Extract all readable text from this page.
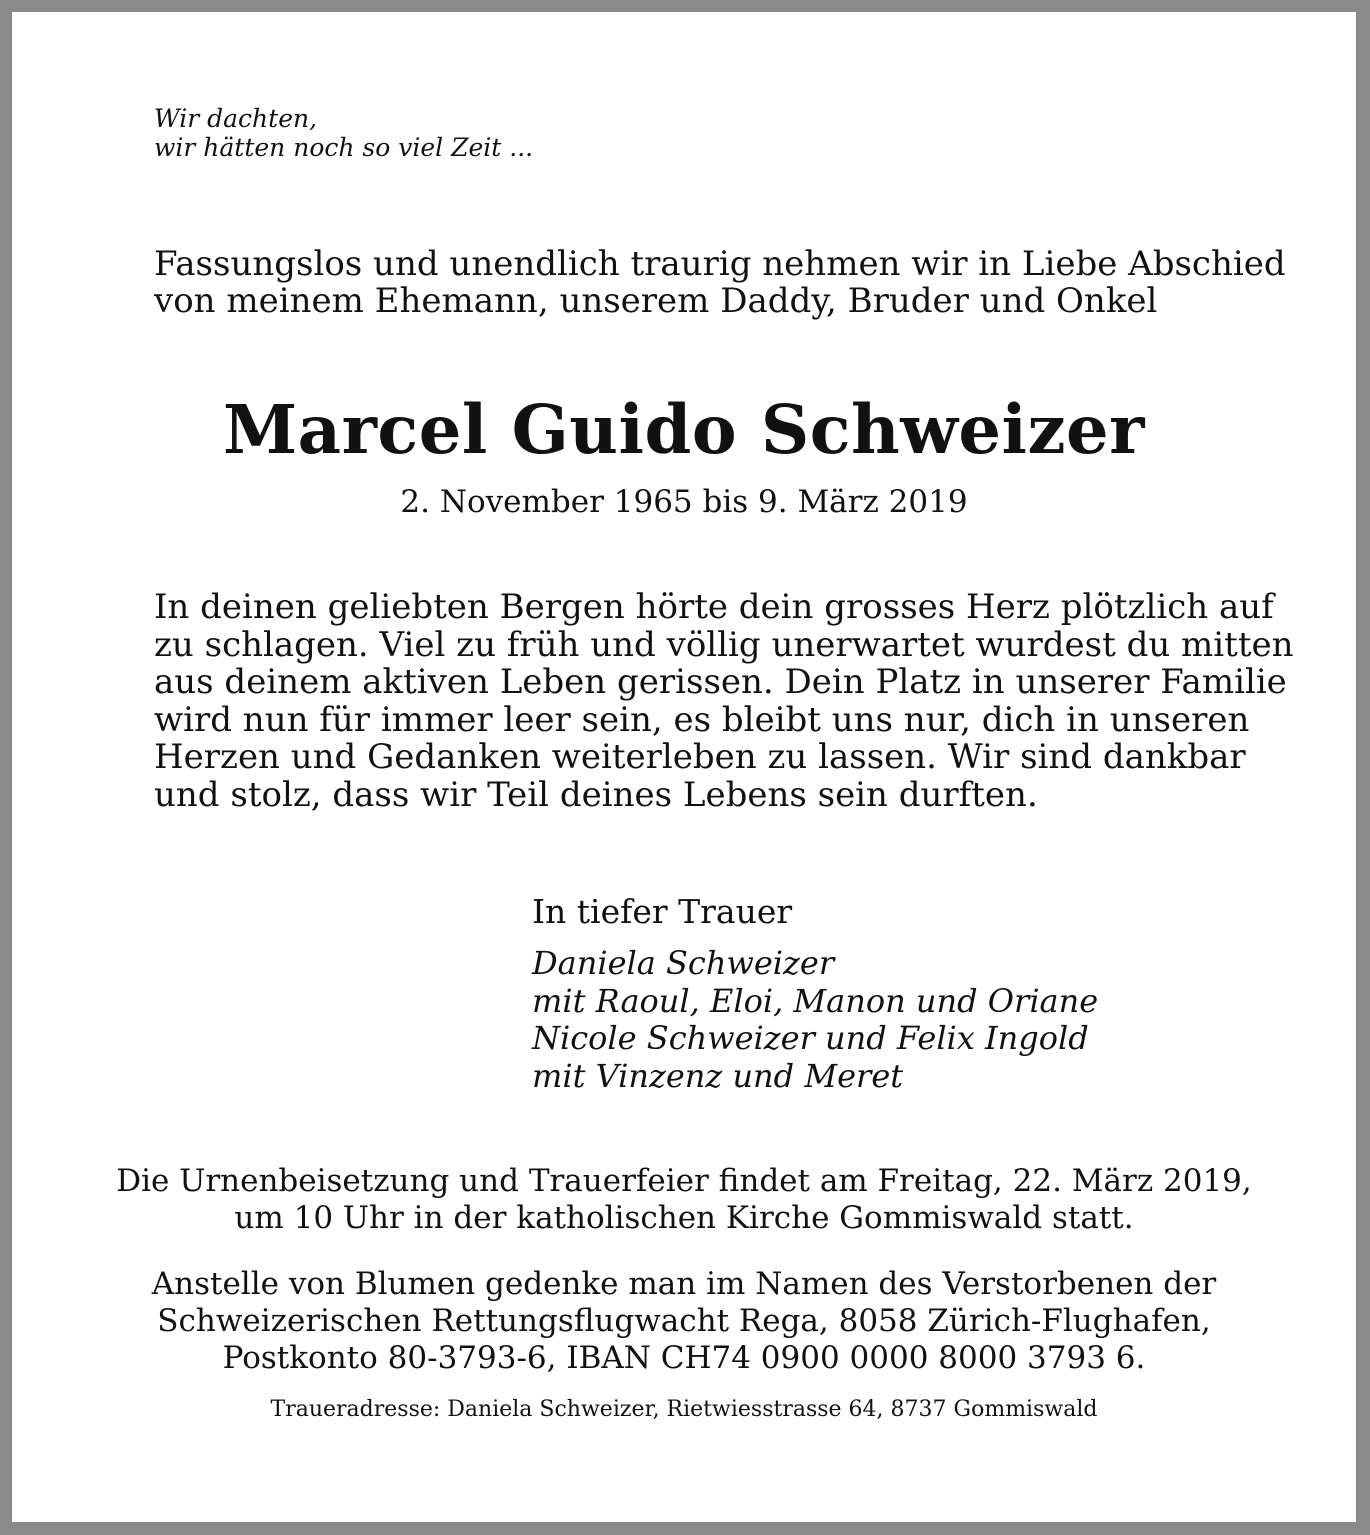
Wir dachten,
wir hätten noch so viel Zeit ...
Fassungslos und unendlich traurig nehmen wir in Liebe Abschied
von meinem Ehemann, unserem Daddy, Bruder und Onkel
Marcel Guido Schweizer
2. November 1965 bis 9. März 2019
In deinen geliebten Bergen hörte dein grosses Herz plötzlich auf
zu schlagen. Viel zu früh und völlig unerwartet wurdest du mitten
aus deinem aktiven Leben gerissen. Dein Platz in unserer Familie
wird nun für immer leer sein, es bleibt uns nur, dich in unseren
Herzen und Gedanken weiterleben zu lassen. Wir sind dankbar
und stolz, dass wir Teil deines Lebens sein durften.
In tiefer Trauer
Daniela Schweizer
mit Raoul, Eloi, Manon und Oriane
Nicole Schweizer und Felix Ingold
mit Vinzenz und Meret
Die Urnenbeisetzung und Trauerfeier findet am Freitag, 22. März 2019,
um 10 Uhr in der katholischen Kirche Gommiswald statt.
Anstelle von Blumen gedenke man im Namen des Verstorbenen der
Schweizerischen Rettungsflugwacht Rega, 8058 Zürich-Flughafen,
Postkonto 80-3793-6, IBAN CH74 0900 0000 8000 3793 6.
Traueradresse: Daniela Schweizer, Rietwiesstrasse 64, 8737 Gommiswald
